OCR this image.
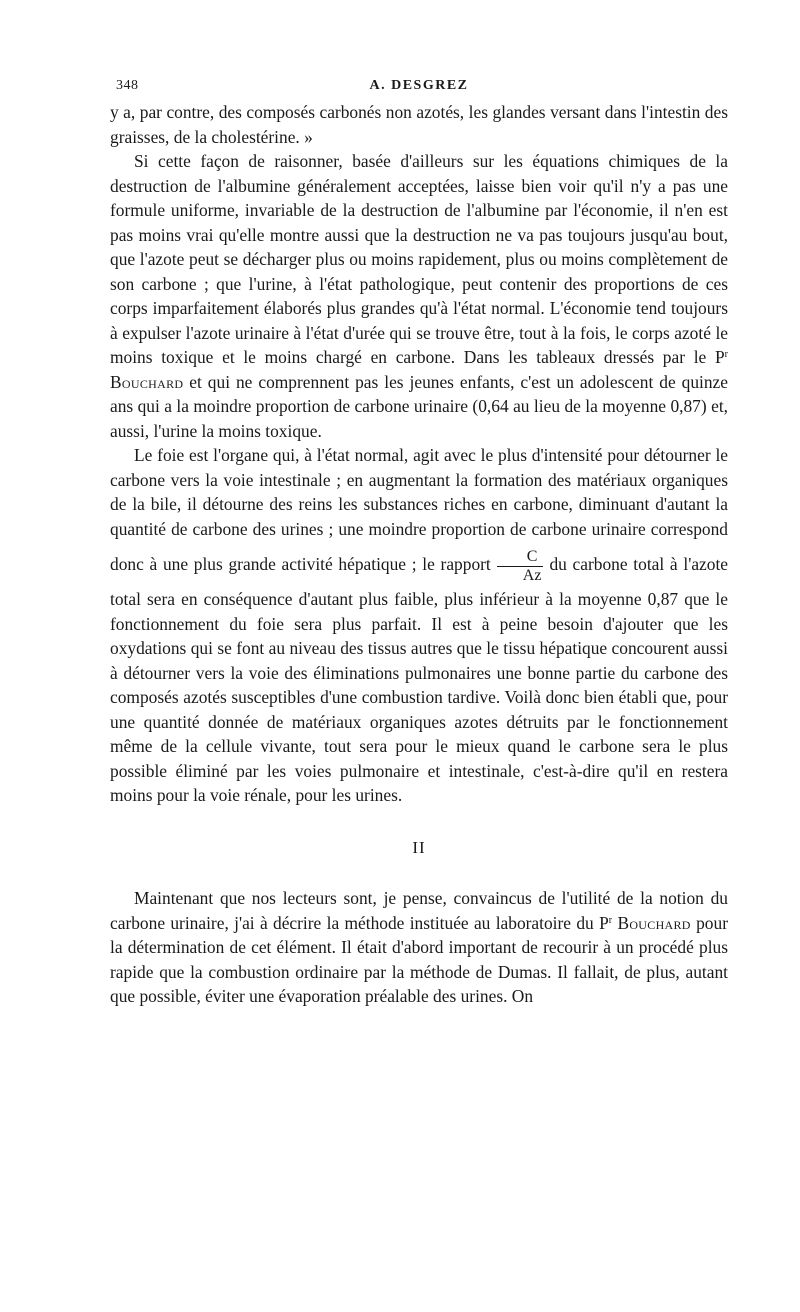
348	A. DESGREZ

y a, par contre, des composés carbonés non azotés, les glandes versant dans l'intestin des graisses, de la cholestérine. »

Si cette façon de raisonner, basée d'ailleurs sur les équations chimiques de la destruction de l'albumine généralement acceptées, laisse bien voir qu'il n'y a pas une formule uniforme, invariable de la destruction de l'albumine par l'économie, il n'en est pas moins vrai qu'elle montre aussi que la destruction ne va pas toujours jusqu'au bout, que l'azote peut se décharger plus ou moins rapidement, plus ou moins complètement de son carbone ; que l'urine, à l'état pathologique, peut contenir des proportions de ces corps imparfaitement élaborés plus grandes qu'à l'état normal. L'économie tend toujours à expulser l'azote urinaire à l'état d'urée qui se trouve être, tout à la fois, le corps azoté le moins toxique et le moins chargé en carbone. Dans les tableaux dressés par le $P^r$ Bouchard et qui ne comprennent pas les jeunes enfants, c'est un adolescent de quinze ans qui a la moindre proportion de carbone urinaire (0,64 au lieu de la moyenne 0,87) et, aussi, l'urine la moins toxique.

Le foie est l'organe qui, à l'état normal, agit avec le plus d'intensité pour détourner le carbone vers la voie intestinale ; en augmentant la formation des matériaux organiques de la bile, il détourne des reins les substances riches en carbone, diminuant d'autant la quantité de carbone des urines ; une moindre proportion de carbone urinaire correspond donc à une plus grande activité hépatique ; le rapport $\frac{C}{Az}$ du carbone total à l'azote total sera en conséquence d'autant plus faible, plus inférieur à la moyenne 0,87 que le fonctionnement du foie sera plus parfait. Il est à peine besoin d'ajouter que les oxydations qui se font au niveau des tissus autres que le tissu hépatique concourent aussi à détourner vers la voie des éliminations pulmonaires une bonne partie du carbone des composés azotés susceptibles d'une combustion tardive. Voilà donc bien établi que, pour une quantité donnée de matériaux organiques azotes détruits par le fonctionnement même de la cellule vivante, tout sera pour le mieux quand le carbone sera le plus possible éliminé par les voies pulmonaire et intestinale, c'est-à-dire qu'il en restera moins pour la voie rénale, pour les urines.

II

Maintenant que nos lecteurs sont, je pense, convaincus de l'utilité de la notion du carbone urinaire, j'ai à décrire la méthode instituée au laboratoire du $P^r$ Bouchard pour la détermination de cet élément. Il était d'abord important de recourir à un procédé plus rapide que la combustion ordinaire par la méthode de Dumas. Il fallait, de plus, autant que possible, éviter une évaporation préalable des urines. On
